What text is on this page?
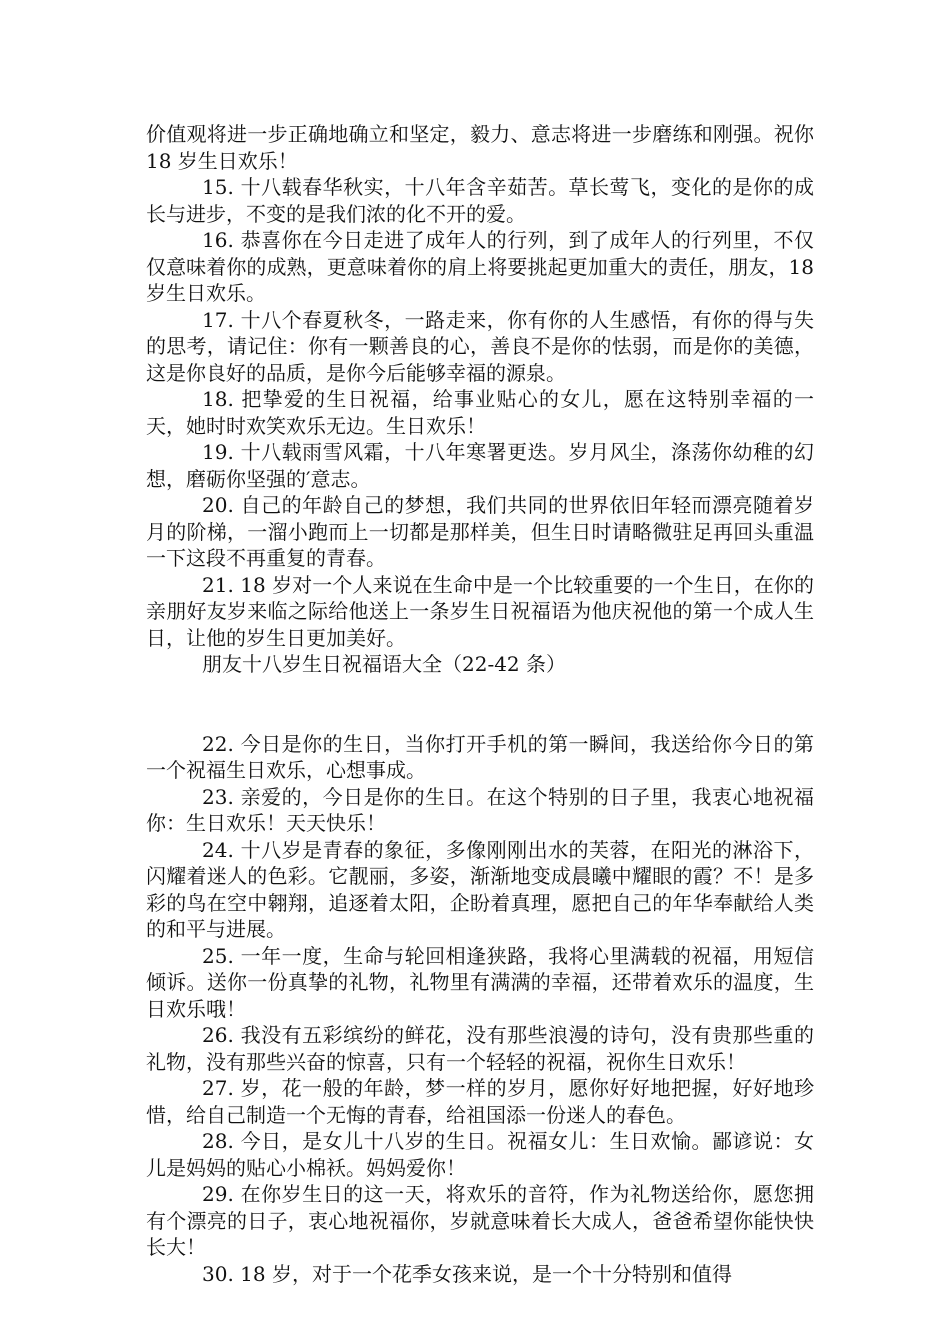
价值观将进一步正确地确立和坚定，毅力、意志将进一步磨练和刚强。祝你 18 岁生日欢乐！

15. 十八载春华秋实，十八年含辛茹苦。草长莺飞，变化的是你的成长与进步，不变的是我们浓的化不开的爱。

16. 恭喜你在今日走进了成年人的行列，到了成年人的行列里，不仅仅意味着你的成熟，更意味着你的肩上将要挑起更加重大的责任，朋友，18 岁生日欢乐。

17. 十八个春夏秋冬，一路走来，你有你的人生感悟，有你的得与失的思考，请记住：你有一颗善良的心，善良不是你的怯弱，而是你的美德，这是你良好的品质，是你今后能够幸福的源泉。

18. 把挚爱的生日祝福，给事业贴心的女儿，愿在这特别幸福的一天，她时时欢笑欢乐无边。生日欢乐！

19. 十八载雨雪风霜，十八年寒署更迭。岁月风尘，涤荡你幼稚的幻想，磨砺你坚强的′意志。

20. 自己的年龄自己的梦想，我们共同的世界依旧年轻而漂亮随着岁月的阶梯，一溜小跑而上一切都是那样美，但生日时请略微驻足再回头重温一下这段不再重复的青春。

21. 18 岁对一个人来说在生命中是一个比较重要的一个生日，在你的亲朋好友岁来临之际给他送上一条岁生日祝福语为他庆祝他的第一个成人生日，让他的岁生日更加美好。

朋友十八岁生日祝福语大全（22-42 条）

22. 今日是你的生日，当你打开手机的第一瞬间，我送给你今日的第一个祝福生日欢乐，心想事成。

23. 亲爱的，今日是你的生日。在这个特别的日子里，我衷心地祝福你：生日欢乐！天天快乐！

24. 十八岁是青春的象征，多像刚刚出水的芙蓉，在阳光的淋浴下，闪耀着迷人的色彩。它靓丽，多姿，渐渐地变成晨曦中耀眼的霞？不！是多彩的鸟在空中翱翔，追逐着太阳，企盼着真理，愿把自己的年华奉献给人类的和平与进展。

25. 一年一度，生命与轮回相逢狭路，我将心里满载的祝福，用短信倾诉。送你一份真挚的礼物，礼物里有满满的幸福，还带着欢乐的温度，生日欢乐哦！

26. 我没有五彩缤纷的鲜花，没有那些浪漫的诗句，没有贵那些重的礼物，没有那些兴奋的惊喜，只有一个轻轻的祝福，祝你生日欢乐！

27. 岁，花一般的年龄，梦一样的岁月，愿你好好地把握，好好地珍惜，给自己制造一个无悔的青春，给祖国添一份迷人的春色。

28. 今日，是女儿十八岁的生日。祝福女儿：生日欢愉。鄙谚说：女儿是妈妈的贴心小棉袄。妈妈爱你！

29. 在你岁生日的这一天，将欢乐的音符，作为礼物送给你，愿您拥有个漂亮的日子，衷心地祝福你，岁就意味着长大成人，爸爸希望你能快快长大！

30. 18 岁，对于一个花季女孩来说，是一个十分特别和值得
